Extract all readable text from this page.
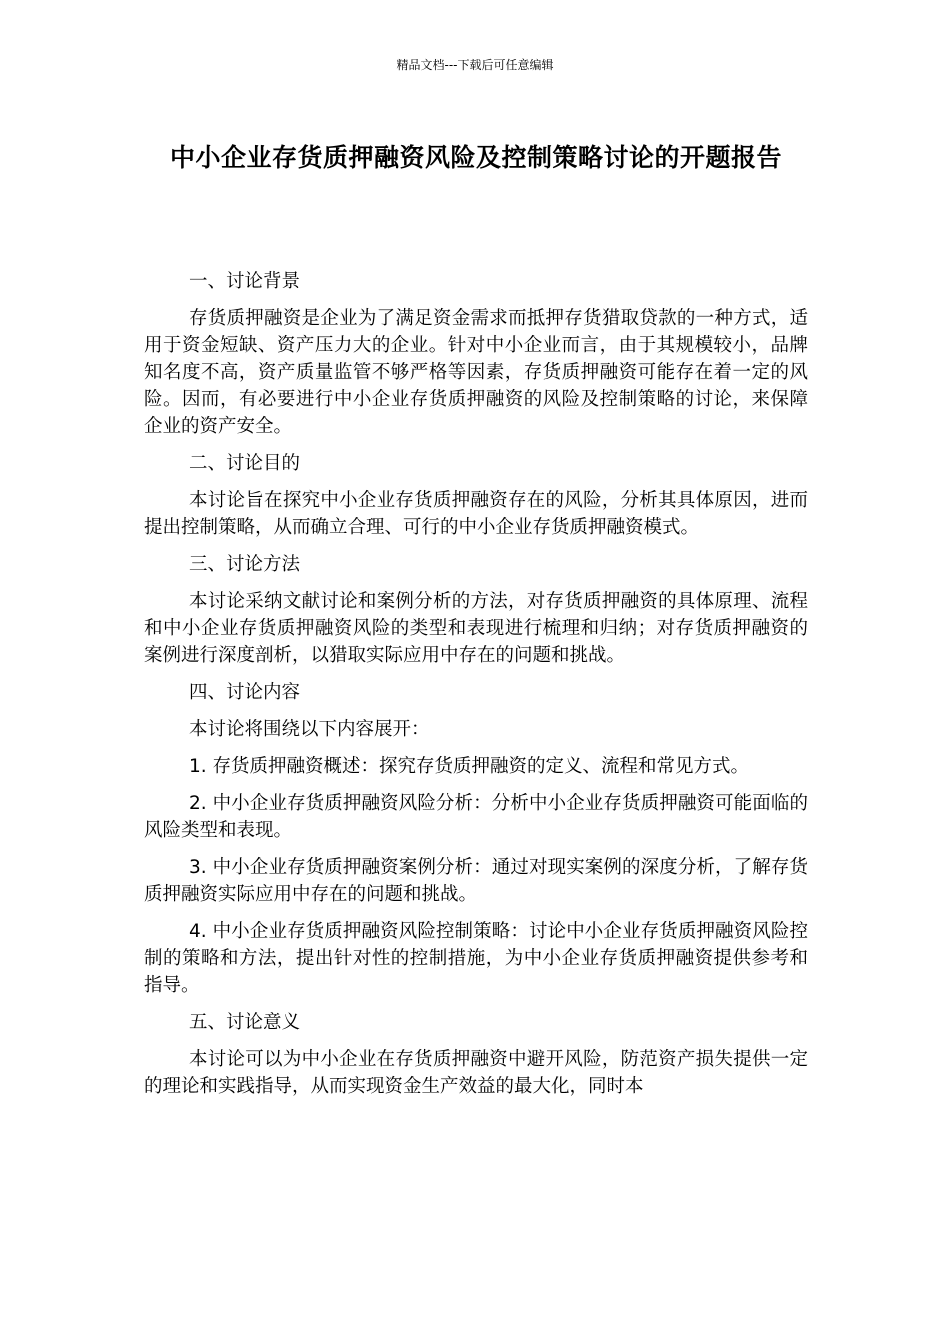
精品文档---下载后可任意编辑
中小企业存货质押融资风险及控制策略讨论的开题报告

一、讨论背景

存货质押融资是企业为了满足资金需求而抵押存货猎取贷款的一种方式，适用于资金短缺、资产压力大的企业。针对中小企业而言，由于其规模较小，品牌知名度不高，资产质量监管不够严格等因素，存货质押融资可能存在着一定的风险。因而，有必要进行中小企业存货质押融资的风险及控制策略的讨论，来保障企业的资产安全。

二、讨论目的

本讨论旨在探究中小企业存货质押融资存在的风险，分析其具体原因，进而提出控制策略，从而确立合理、可行的中小企业存货质押融资模式。

三、讨论方法

本讨论采纳文献讨论和案例分析的方法，对存货质押融资的具体原理、流程和中小企业存货质押融资风险的类型和表现进行梳理和归纳；对存货质押融资的案例进行深度剖析，以猎取实际应用中存在的问题和挑战。

四、讨论内容

本讨论将围绕以下内容展开：

1. 存货质押融资概述：探究存货质押融资的定义、流程和常见方式。

2. 中小企业存货质押融资风险分析：分析中小企业存货质押融资可能面临的风险类型和表现。

3. 中小企业存货质押融资案例分析：通过对现实案例的深度分析，了解存货质押融资实际应用中存在的问题和挑战。

4. 中小企业存货质押融资风险控制策略：讨论中小企业存货质押融资风险控制的策略和方法，提出针对性的控制措施，为中小企业存货质押融资提供参考和指导。

五、讨论意义

本讨论可以为中小企业在存货质押融资中避开风险，防范资产损失提供一定的理论和实践指导，从而实现资金生产效益的最大化，同时本
